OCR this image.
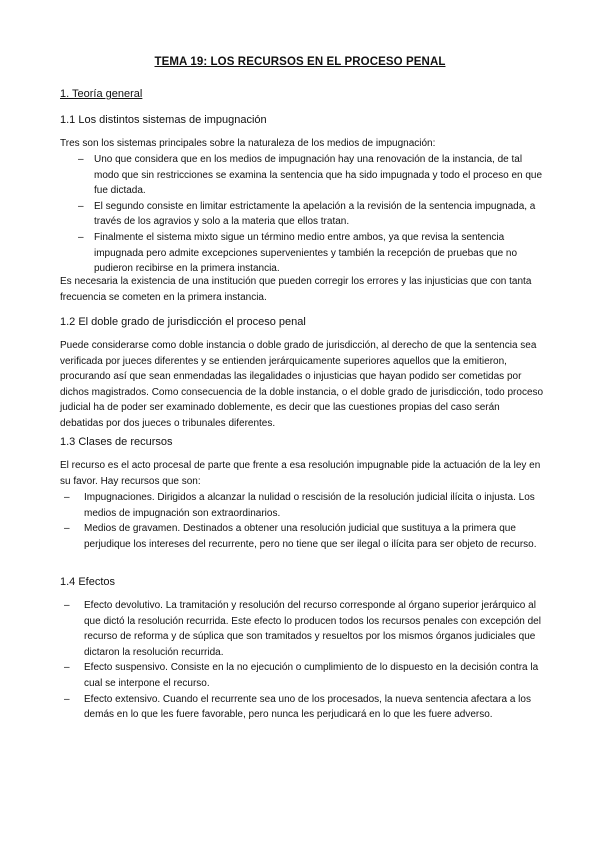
TEMA 19: LOS RECURSOS EN EL PROCESO PENAL
1. Teoría general
1.1 Los distintos sistemas de impugnación

Tres son los sistemas principales sobre la naturaleza de los medios de impugnación:

– Uno que considera que en los medios de impugnación hay una renovación de la instancia, de tal modo que sin restricciones se examina la sentencia que ha sido impugnada y todo el proceso en que fue dictada.
– El segundo consiste en limitar estrictamente la apelación a la revisión de la sentencia impugnada, a través de los agravios y solo a la materia que ellos tratan.
– Finalmente el sistema mixto sigue un término medio entre ambos, ya que revisa la sentencia impugnada pero admite excepciones supervenientes y también la recepción de pruebas que no pudieron recibirse en la primera instancia.

Es necesaria la existencia de una institución que pueden corregir los errores y las injusticias que con tanta frecuencia se cometen en la primera instancia.

1.2 El doble grado de jurisdicción el proceso penal

Puede considerarse como doble instancia o doble grado de jurisdicción, al derecho de que la sentencia sea verificada por jueces diferentes y se entienden jerárquicamente superiores aquellos que la emitieron, procurando así que sean enmendadas las ilegalidades o injusticias que hayan podido ser cometidas por dichos magistrados. Como consecuencia de la doble instancia, o el doble grado de jurisdicción, todo proceso judicial ha de poder ser examinado doblemente, es decir que las cuestiones propias del caso serán debatidas por dos jueces o tribunales diferentes.

1.3 Clases de recursos

El recurso es el acto procesal de parte que frente a esa resolución impugnable pide la actuación de la ley en su favor. Hay recursos que son:

– Impugnaciones. Dirigidos a alcanzar la nulidad o rescisión de la resolución judicial ilícita o injusta. Los medios de impugnación son extraordinarios.
– Medios de gravamen. Destinados a obtener una resolución judicial que sustituya a la primera que perjudique los intereses del recurrente, pero no tiene que ser ilegal o ilícita para ser objeto de recurso.
1.4 Efectos
– Efecto devolutivo. La tramitación y resolución del recurso corresponde al órgano superior jerárquico al que dictó la resolución recurrida. Este efecto lo producen todos los recursos penales con excepción del recurso de reforma y de súplica que son tramitados y resueltos por los mismos órganos judiciales que dictaron la resolución recurrida.
– Efecto suspensivo. Consiste en la no ejecución o cumplimiento de lo dispuesto en la decisión contra la cual se interpone el recurso.
– Efecto extensivo. Cuando el recurrente sea uno de los procesados, la nueva sentencia afectara a los demás en lo que les fuere favorable, pero nunca les perjudicará en lo que les fuere adverso.
